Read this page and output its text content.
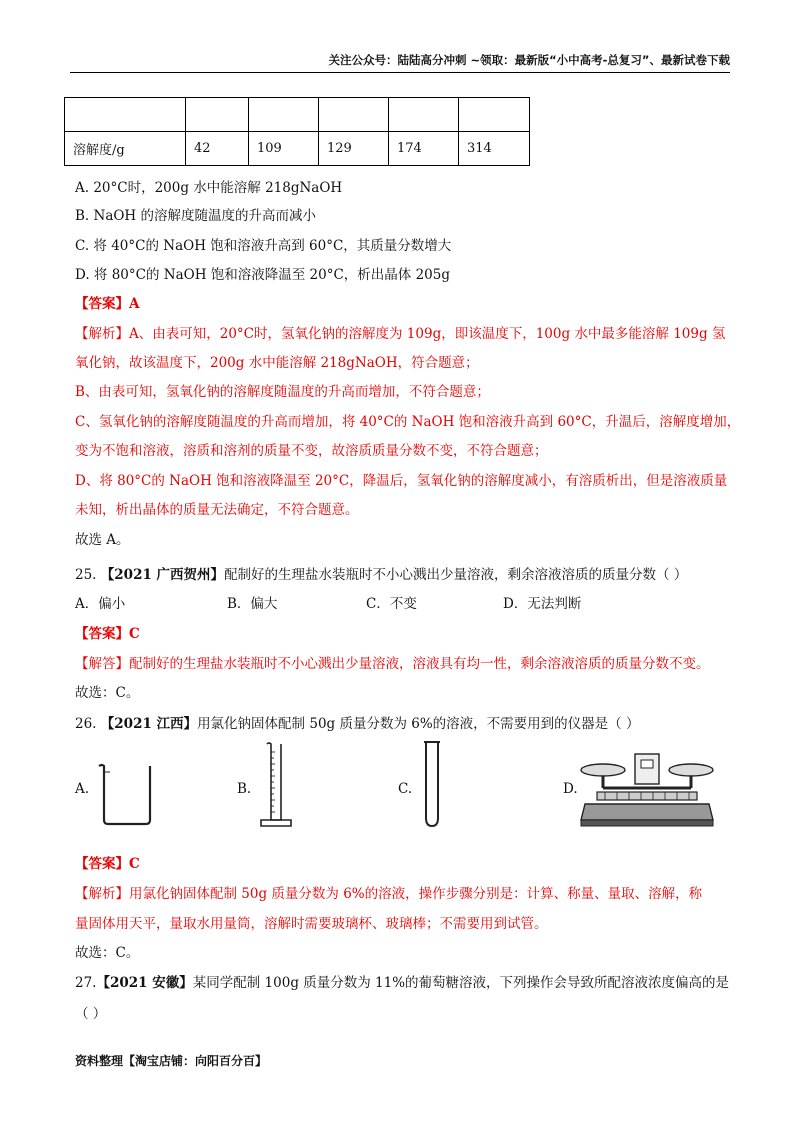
关注公众号：陆陆高分冲刺 ~领取：最新版“小中高考-总复习”、最新试卷下载

溶解度/g	42	109	129	174	314
A. 20°C时，200g 水中能溶解 218gNaOH
B. NaOH 的溶解度随温度的升高而减小
C. 将 40°C的 NaOH 饱和溶液升高到 60°C，其质量分数增大
D. 将 80°C的 NaOH 饱和溶液降温至 20°C，析出晶体 205g
【答案】A
【解析】A、由表可知，20°C时，氢氧化钠的溶解度为 109g，即该温度下，100g 水中最多能溶解 109g 氢
氧化钠，故该温度下，200g 水中能溶解 218gNaOH，符合题意；
B、由表可知，氢氧化钠的溶解度随温度的升高而增加，不符合题意；
C、氢氧化钠的溶解度随温度的升高而增加，将 40°C的 NaOH 饱和溶液升高到 60°C，升温后，溶解度增加，
变为不饱和溶液，溶质和溶剂的质量不变，故溶质质量分数不变，不符合题意；
D、将 80°C的 NaOH 饱和溶液降温至 20°C，降温后，氢氧化钠的溶解度减小，有溶质析出，但是溶液质量
未知，析出晶体的质量无法确定，不符合题意。
故选 A。
25. 【2021 广西贺州】配制好的生理盐水装瓶时不小心溅出少量溶液，剩余溶液溶质的质量分数（ ）
A．偏小	B．偏大	C．不变	D．无法判断
【答案】C
【解答】配制好的生理盐水装瓶时不小心溅出少量溶液，溶液具有均一性，剩余溶液溶质的质量分数不变。
故选：C。
26. 【2021 江西】用氯化钠固体配制 50g 质量分数为 6%的溶液，不需要用到的仪器是（ ）
A.	B.	C.	D.
【答案】C
【解析】用氯化钠固体配制 50g 质量分数为 6%的溶液，操作步骤分别是：计算、称量、量取、溶解，称
量固体用天平，量取水用量筒，溶解时需要玻璃杯、玻璃棒；不需要用到试管。
故选：C。
27.【2021 安徽】某同学配制 100g 质量分数为 11%的葡萄糖溶液，下列操作会导致所配溶液浓度偏高的是
（ ）
资料整理【淘宝店铺：向阳百分百】
